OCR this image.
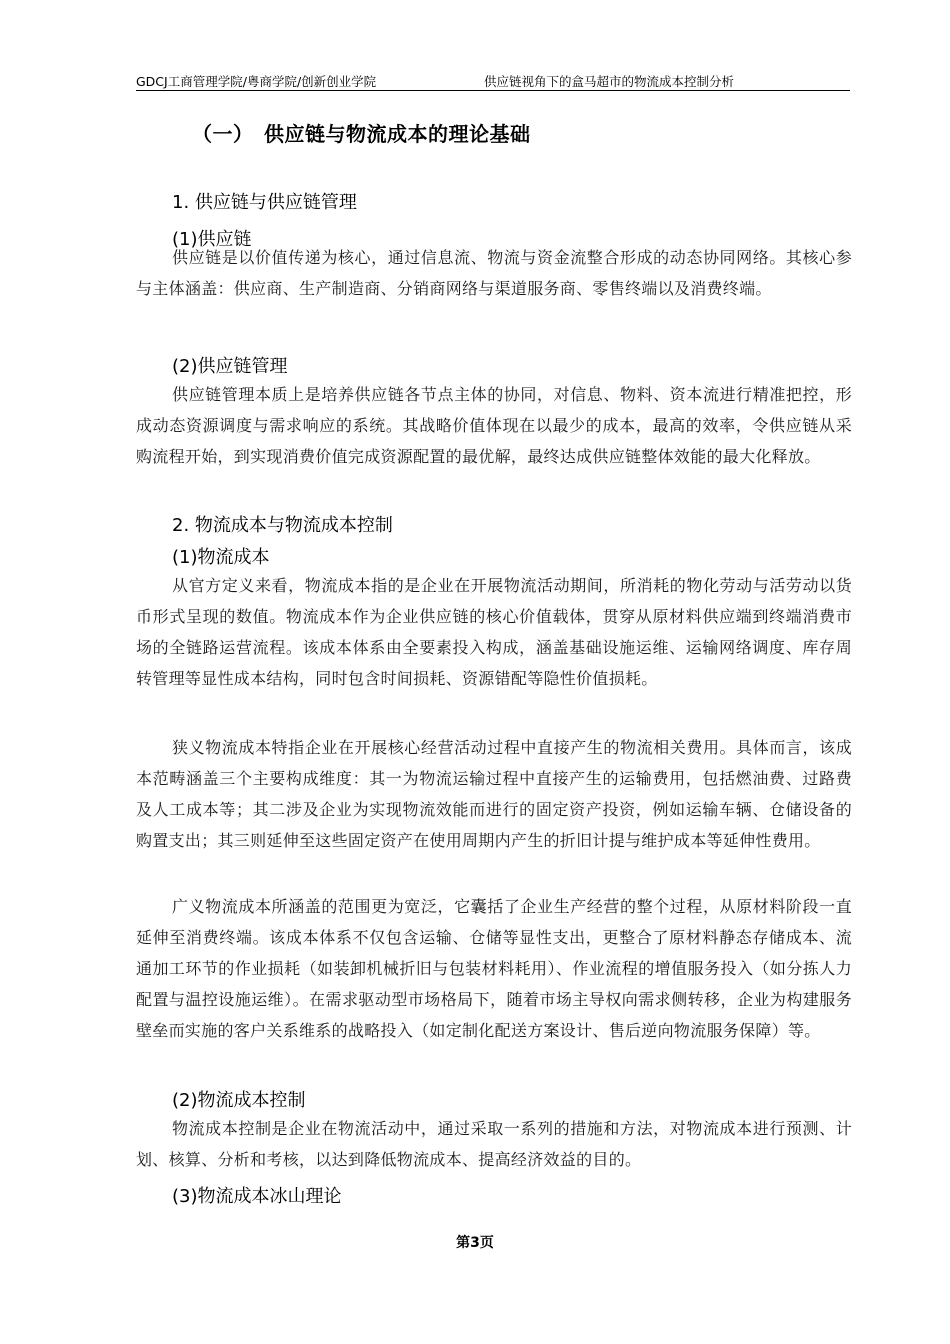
GDCJ工商管理学院/粤商学院/创新创业学院	供应链视角下的盒马超市的物流成本控制分析
（一） 供应链与物流成本的理论基础
1. 供应链与供应链管理
(1)供应链

供应链是以价值传递为核心，通过信息流、物流与资金流整合形成的动态协同网络。其核心参与主体涵盖：供应商、生产制造商、分销商网络与渠道服务商、零售终端以及消费终端。

(2)供应链管理

供应链管理本质上是培养供应链各节点主体的协同，对信息、物料、资本流进行精准把控，形成动态资源调度与需求响应的系统。其战略价值体现在以最少的成本，最高的效率，令供应链从采购流程开始，到实现消费价值完成资源配置的最优解，最终达成供应链整体效能的最大化释放。

2. 物流成本与物流成本控制
(1)物流成本

从官方定义来看，物流成本指的是企业在开展物流活动期间，所消耗的物化劳动与活劳动以货币形式呈现的数值。物流成本作为企业供应链的核心价值载体，贯穿从原材料供应端到终端消费市场的全链路运营流程。该成本体系由全要素投入构成，涵盖基础设施运维、运输网络调度、库存周转管理等显性成本结构，同时包含时间损耗、资源错配等隐性价值损耗。

狭义物流成本特指企业在开展核心经营活动过程中直接产生的物流相关费用。具体而言，该成本范畴涵盖三个主要构成维度：其一为物流运输过程中直接产生的运输费用，包括燃油费、过路费及人工成本等；其二涉及企业为实现物流效能而进行的固定资产投资，例如运输车辆、仓储设备的购置支出；其三则延伸至这些固定资产在使用周期内产生的折旧计提与维护成本等延伸性费用。

广义物流成本所涵盖的范围更为宽泛，它囊括了企业生产经营的整个过程，从原材料阶段一直延伸至消费终端。该成本体系不仅包含运输、仓储等显性支出，更整合了原材料静态存储成本、流通加工环节的作业损耗（如装卸机械折旧与包装材料耗用）、作业流程的增值服务投入（如分拣人力配置与温控设施运维）。在需求驱动型市场格局下，随着市场主导权向需求侧转移，企业为构建服务壁垒而实施的客户关系维系的战略投入（如定制化配送方案设计、售后逆向物流服务保障）等。

(2)物流成本控制

物流成本控制是企业在物流活动中，通过采取一系列的措施和方法，对物流成本进行预测、计划、核算、分析和考核，以达到降低物流成本、提高经济效益的目的。

(3)物流成本冰山理论
第3页
